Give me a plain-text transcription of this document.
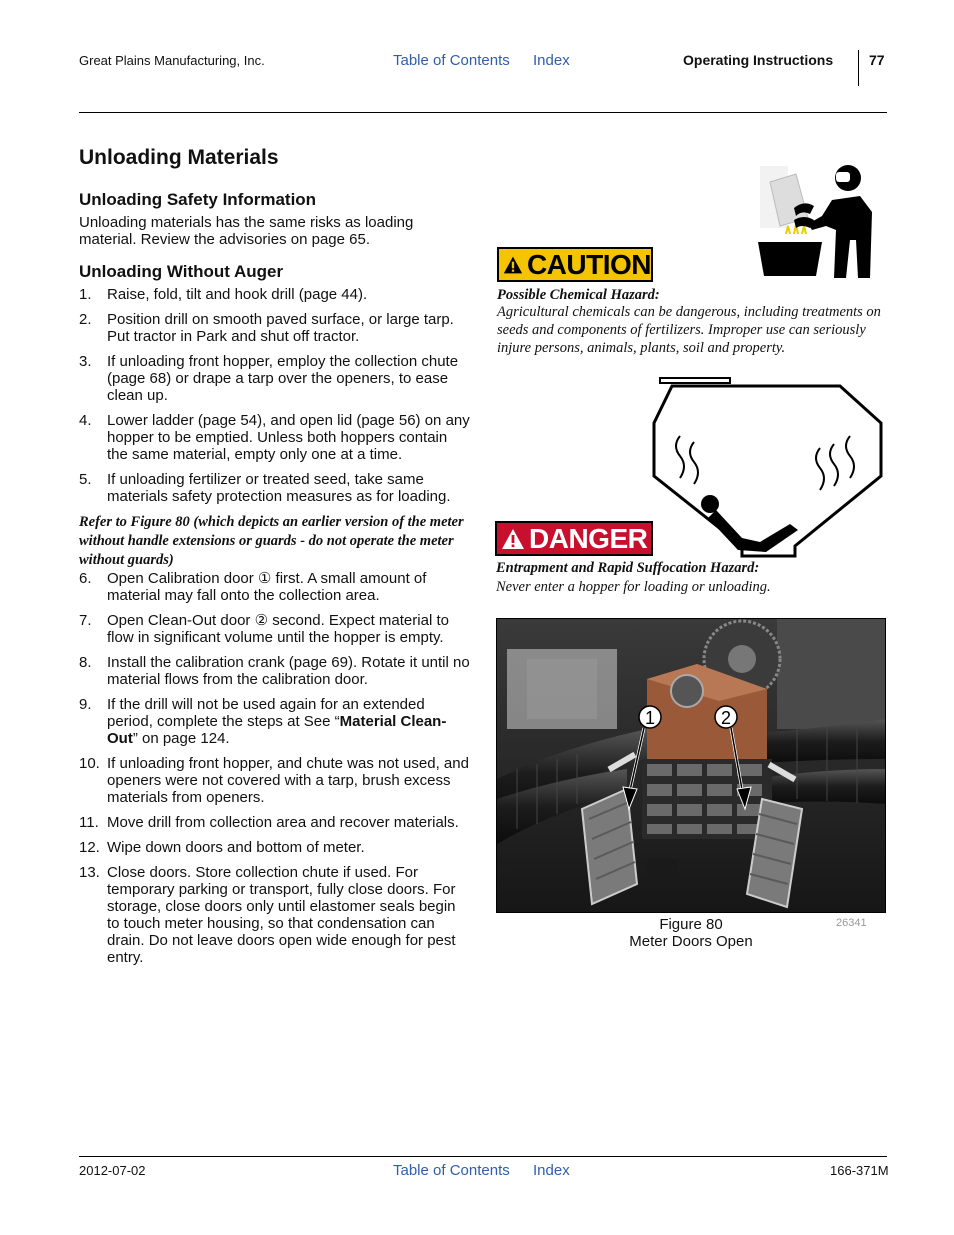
Great Plains Manufacturing, Inc.	Table of Contents Index	Operating Instructions	77
Unloading Materials
Unloading Safety Information
Unloading materials has the same risks as loading material. Review the advisories on page 65.
Unloading Without Auger
1. Raise, fold, tilt and hook drill (page 44).
2. Position drill on smooth paved surface, or large tarp. Put tractor in Park and shut off tractor.
3. If unloading front hopper, employ the collection chute (page 68) or drape a tarp over the openers, to ease clean up.
4. Lower ladder (page 54), and open lid (page 56) on any hopper to be emptied. Unless both hoppers contain the same material, empty only one at a time.
5. If unloading fertilizer or treated seed, take same materials safety protection measures as for loading.
Refer to Figure 80 (which depicts an earlier version of the meter without handle extensions or guards - do not operate the meter without guards)
6. Open Calibration door ① first. A small amount of material may fall onto the collection area.
7. Open Clean-Out door ② second. Expect material to flow in significant volume until the hopper is empty.
8. Install the calibration crank (page 69). Rotate it until no material flows from the calibration door.
9. If the drill will not be used again for an extended period, complete the steps at See “Material Clean-Out” on page 124.
10. If unloading front hopper, and chute was not used, and openers were not covered with a tarp, brush excess materials from openers.
11. Move drill from collection area and recover materials.
12. Wipe down doors and bottom of meter.
13. Close doors. Store collection chute if used. For temporary parking or transport, fully close doors. For storage, close doors only until elastomer seals begin to touch meter housing, so that condensation can drain. Do not leave doors open wide enough for pest entry.
CAUTION
Possible Chemical Hazard:
Agricultural chemicals can be dangerous, including treatments on seeds and components of fertilizers. Improper use can seriously injure persons, animals, plants, soil and property.
DANGER
Entrapment and Rapid Suffocation Hazard:
Never enter a hopper for loading or unloading.
1	2
Figure 80
Meter Doors Open
26341
2012-07-02	Table of Contents Index	166-371M
